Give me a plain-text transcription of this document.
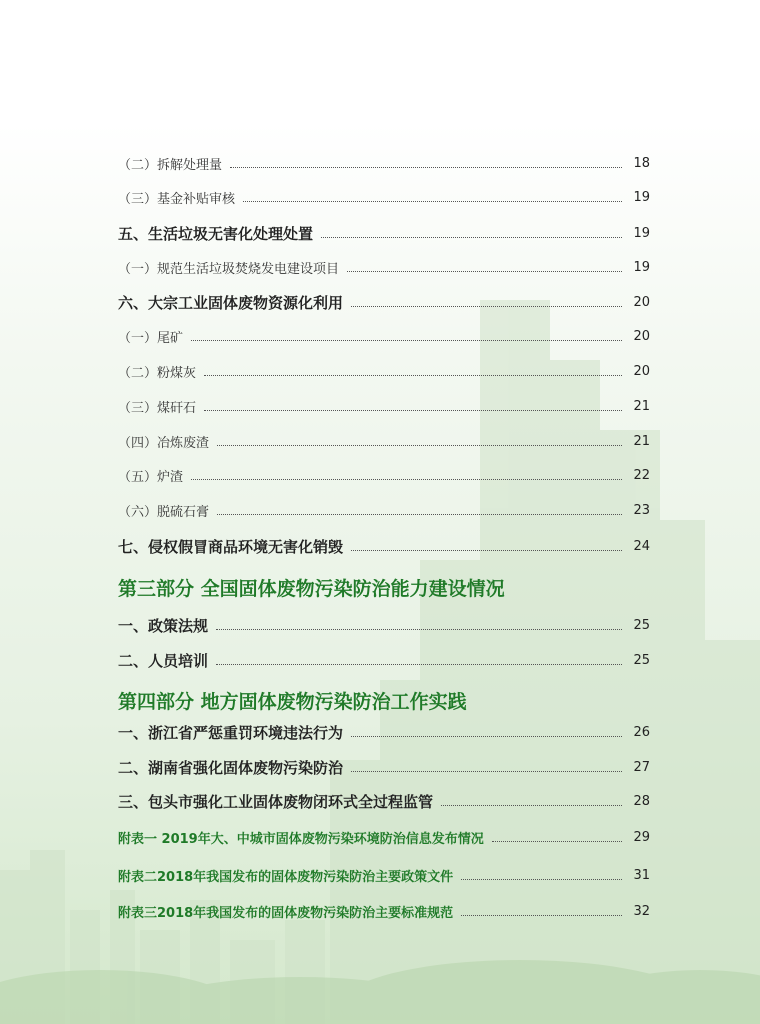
（二）拆解处理量	18
（三）基金补贴审核	19
五、生活垃圾无害化处理处置	19
（一）规范生活垃圾焚烧发电建设项目	19
六、大宗工业固体废物资源化利用	20
（一）尾矿	20
（二）粉煤灰	20
（三）煤矸石	21
（四）冶炼废渣	21
（五）炉渣	22
（六）脱硫石膏	23
七、侵权假冒商品环境无害化销毁	24
第三部分 全国固体废物污染防治能力建设情况
一、政策法规	25
二、人员培训	25
第四部分 地方固体废物污染防治工作实践
一、浙江省严惩重罚环境违法行为	26
二、湖南省强化固体废物污染防治	27
三、包头市强化工业固体废物闭环式全过程监管	28
附表一 2019年大、中城市固体废物污染环境防治信息发布情况	29
附表二2018年我国发布的固体废物污染防治主要政策文件	31
附表三2018年我国发布的固体废物污染防治主要标准规范	32
